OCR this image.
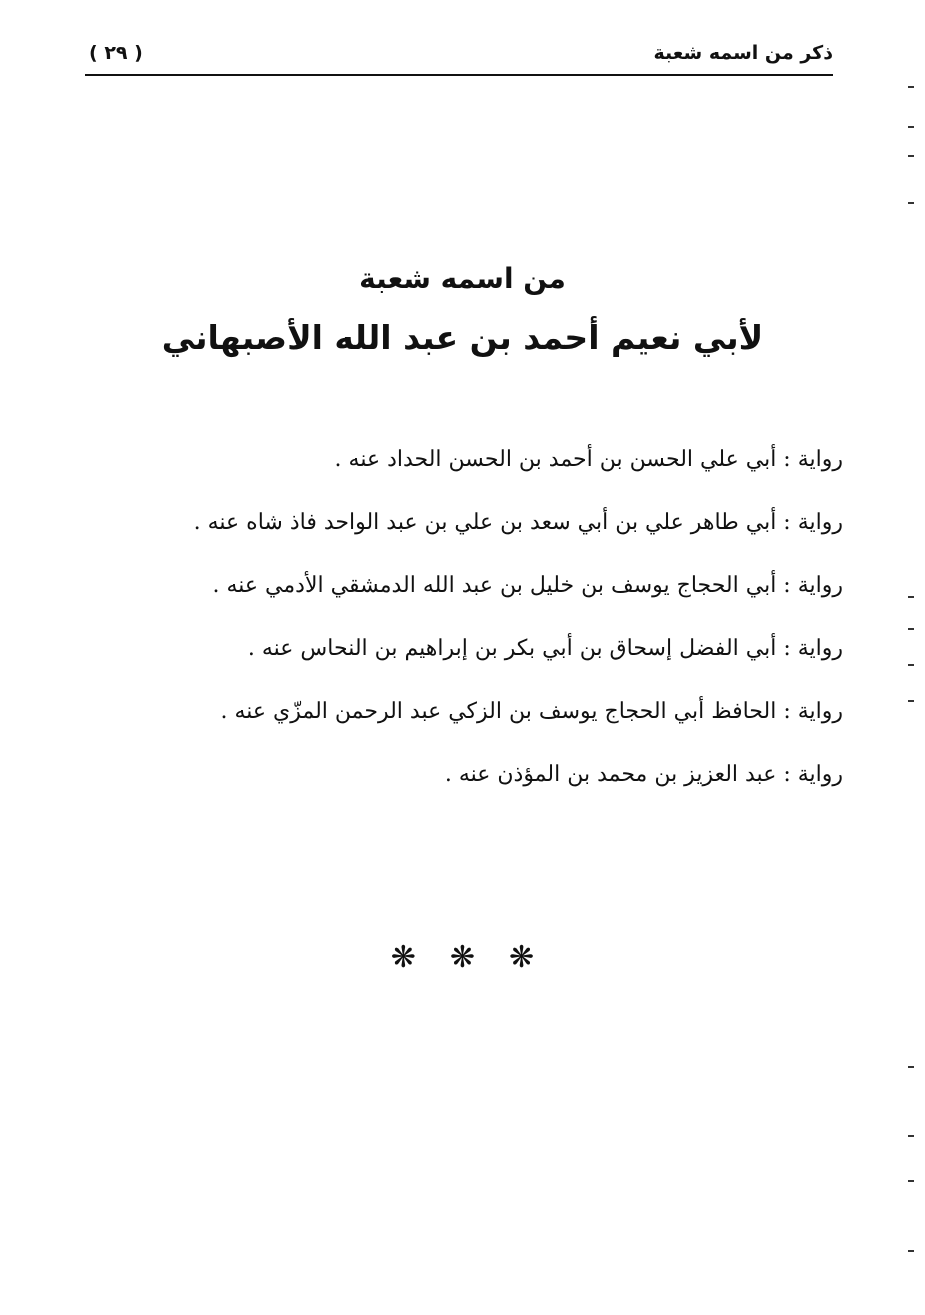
ذكر من اسمه شعبة
( ٢٩ )
من اسمه شعبة
لأبي نعيم أحمد بن عبد الله الأصبهاني
رواية : أبي علي الحسن بن أحمد بن الحسن الحداد عنه .
رواية : أبي طاهر علي بن أبي سعد بن علي بن عبد الواحد فاذ شاه عنه .
رواية : أبي الحجاج يوسف بن خليل بن عبد الله الدمشقي الأدمي عنه .
رواية : أبي الفضل إسحاق بن أبي بكر بن إبراهيم بن النحاس عنه .
رواية : الحافظ أبي الحجاج يوسف بن الزكي عبد الرحمن المزّي عنه .
رواية : عبد العزيز بن محمد بن المؤذن عنه .
❋❋❋
